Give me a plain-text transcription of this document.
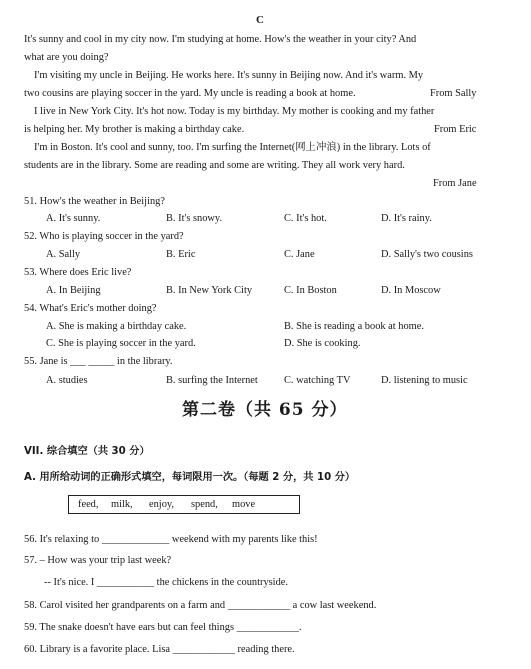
C
It's sunny and cool in my city now. I'm studying at home. How's the weather in your city? And
what are you doing?
I'm visiting my uncle in Beijing. He works here. It's sunny in Beijing now. And it's warm. My
two cousins are playing soccer in the yard. My uncle is reading a book at home.	From Sally
I live in New York City. It's hot now. Today is my birthday. My mother is cooking and my father
is helping her. My brother is making a birthday cake.	From Eric
I'm in Boston. It's cool and sunny, too. I'm surfing the Internet(网上冲浪) in the library. Lots of
students are in the library. Some are reading and some are writing. They all work very hard.
From Jane
51. How's the weather in Beijing?
A. It's sunny.	B. It's snowy.	C. It's hot.	D. It's rainy.
52. Who is playing soccer in the yard?
A. Sally	B. Eric	C. Jane	D. Sally's two cousins
53. Where does Eric live?
A. In Beijing	B. In New York City	C. In Boston	D. In Moscow
54. What's Eric's mother doing?
A. She is making a birthday cake.	B. She is reading a book at home.
C. She is playing soccer in the yard.	D. She is cooking.
55. Jane is ___ _____ in the library.
A. studies	B. surfing the Internet	C. watching TV	D. listening to music
第二卷（共 65 分）
VII. 综合填空（共 30 分）
A. 用所给动词的正确形式填空，每词限用一次。（每题 2 分，共 10 分）
feed, milk, enjoy, spend, move
56. It's relaxing to _____________ weekend with my parents like this!
57. – How was your trip last week?
-- It's nice. I ___________ the chickens in the countryside.
58. Carol visited her grandparents on a farm and ____________ a cow last weekend.
59. The snake doesn't have ears but can feel things ____________.
60. Library is a favorite place. Lisa ____________ reading there.
